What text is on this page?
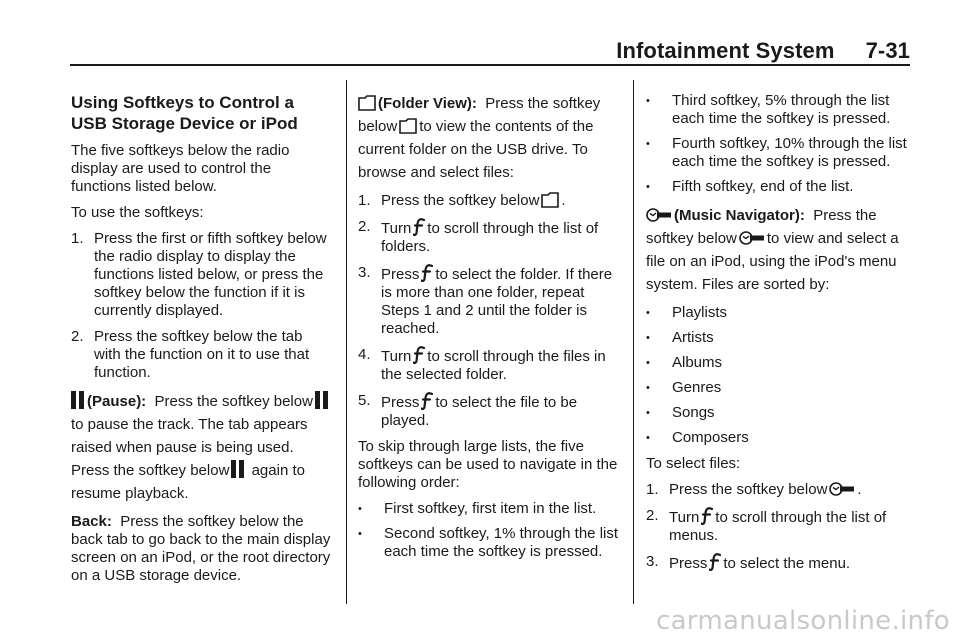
Infotainment System     7-31
Using Softkeys to Control a USB Storage Device or iPod

The five softkeys below the radio display are used to control the functions listed below.

To use the softkeys:

1. Press the first or fifth softkey below the radio display to display the functions listed below, or press the softkey below the function if it is currently displayed.
2. Press the softkey below the tab with the function on it to use that function.

(Pause): Press the softkey belowto pause the track. The tab appears raised when pause is being used. Press the softkey below again to resume playback.

Back: Press the softkey below the back tab to go back to the main display screen on an iPod, or the root directory on a USB storage device.

(Folder View): Press the softkey below to view the contents of the current folder on the USB drive. To browse and select files:

1. Press the softkey below .
2. Turn to scroll through the list of folders.
3. Press to select the folder. If there is more than one folder, repeat Steps 1 and 2 until the folder is reached.
4. Turn to scroll through the files in the selected folder.
5. Press to select the file to be played.

To skip through large lists, the five softkeys can be used to navigate in the following order:

•	First softkey, first item in the list.
•	Second softkey, 1% through the list each time the softkey is pressed.
•	Third softkey, 5% through the list each time the softkey is pressed.
•	Fourth softkey, 10% through the list each time the softkey is pressed.
•	Fifth softkey, end of the list.

(Music Navigator): Press the softkey below to view and select a file on an iPod, using the iPod's menu system. Files are sorted by:

•	Playlists
•	Artists
•	Albums
•	Genres
•	Songs
•	Composers

To select files:

1. Press the softkey below .
2. Turn to scroll through the list of menus.
3. Press to select the menu.
carmanualsonline.info
